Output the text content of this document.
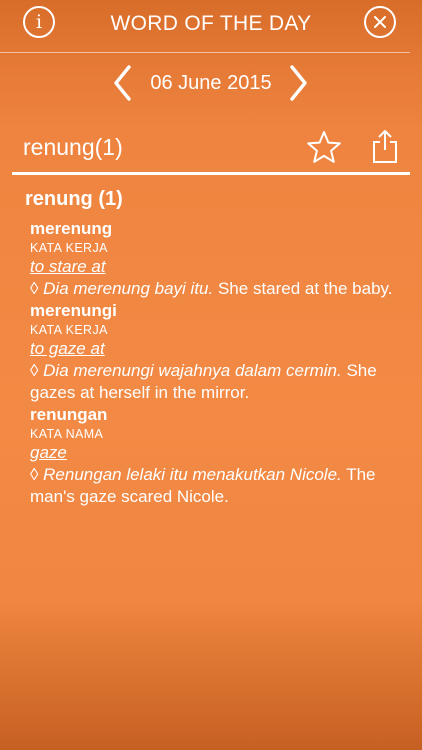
i	WORD OF THE DAY
06 June 2015
renung(1)
renung (1)
merenung
KATA KERJA
to stare at
◊ Dia merenung bayi itu. She stared at the baby.
merenungi
KATA KERJA
to gaze at
◊ Dia merenungi wajahnya dalam cermin. She gazes at herself in the mirror.
renungan
KATA NAMA
gaze
◊ Renungan lelaki itu menakutkan Nicole. The man's gaze scared Nicole.
